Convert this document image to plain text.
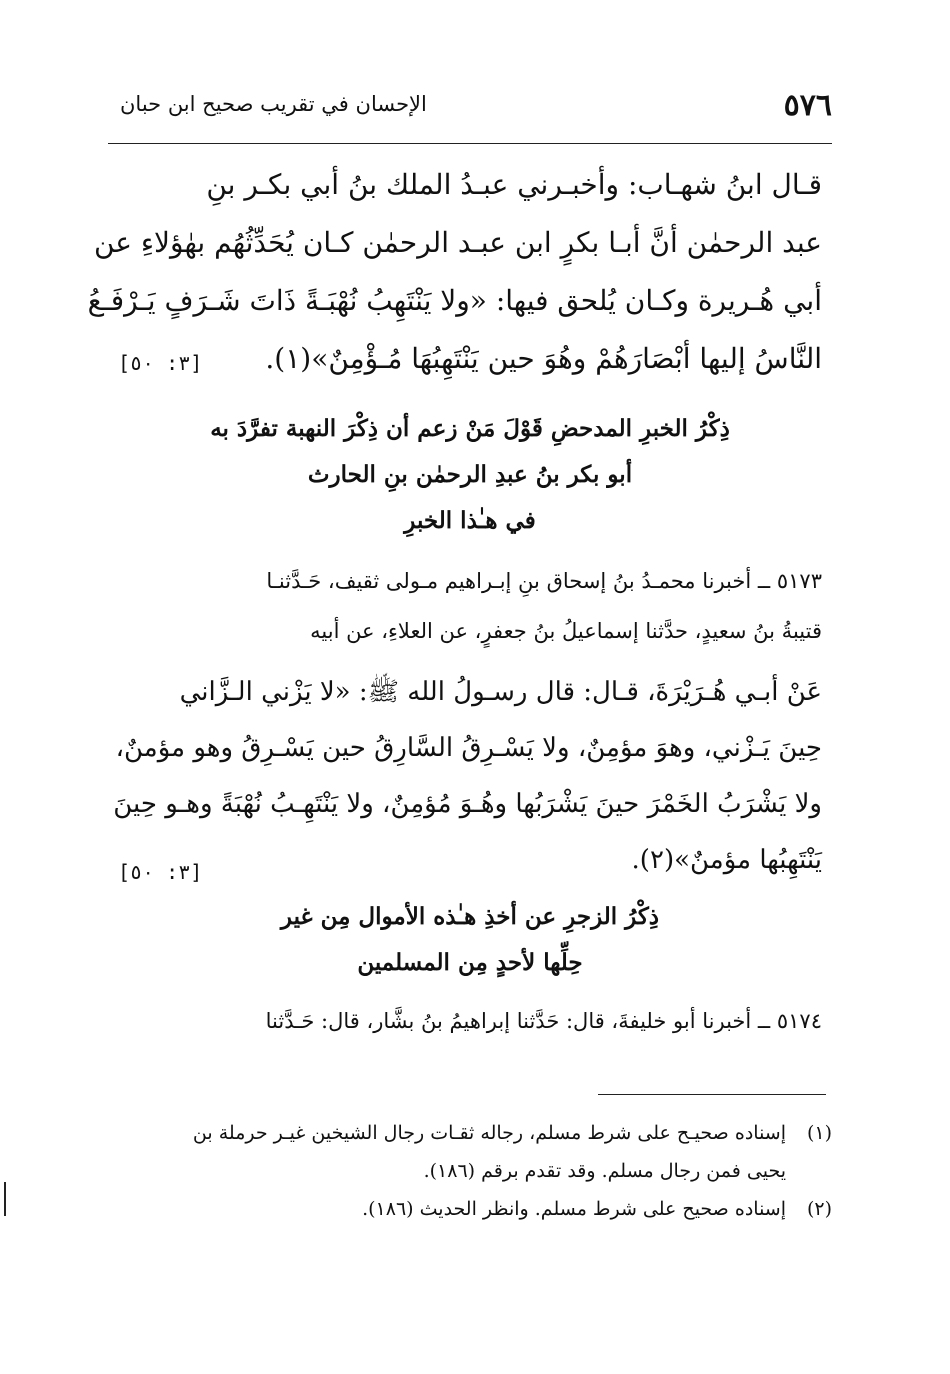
٥٧٦
الإحسان في تقريب صحيح ابن حبان
قـال ابنُ شهـاب: وأخبـرني عبـدُ الملك بنُ أبي بكـر بنِ
عبد الرحمٰن أنَّ أبـا بكرٍ ابن عبـد الرحمٰن كـان يُحَدِّثُهُم بهٰؤلاءِ عن
أبي هُـريرة وكـان يُلحق فيها: «ولا يَنْتَهِبُ نُهْبَـةً ذَاتَ شَـرَفٍ يَـرْفَـعُ
النَّاسُ إليها أبْصَارَهُمْ وهُوَ حين يَنْتَهِبُهَا مُـؤْمِنٌ»(١).
[٣: ٥٠]
ذِكْرُ الخبرِ المدحضِ قَوْلَ مَنْ زعم أن ذِكْرَ النهبة تفرَّدَ به
أبو بكر بنُ عبدِ الرحمٰن بنِ الحارث
في هـٰذا الخبرِ
٥١٧٣ ــ أخبرنا محمـدُ بنُ إسحاق بنِ إبـراهيم مـولى ثقيف، حَـدَّثنـا
قتيبةُ بنُ سعيدٍ، حدَّثنا إسماعيلُ بنُ جعفرٍ، عن العلاءِ، عن أبيه
عَنْ أبـي هُـرَيْرَةَ، قـال: قال رسـولُ الله ﷺ: «لا يَزْني الـزَّاني
حِينَ يَـزْني، وهوَ مؤمِنٌ، ولا يَسْـرِقُ السَّارِقُ حين يَسْـرِقُ وهو مؤمنٌ،
ولا يَشْرَبُ الخَمْرَ حينَ يَشْرَبُها وهُـوَ مُؤمِنٌ، ولا يَنْتَهِـبُ نُهْبَةً وهـو حِينَ
يَنْتَهِبُها مؤمنٌ»(٢).
[٣: ٥٠]
ذِكْرُ الزجرِ عن أخذِ هـٰذه الأموال مِن غير
حِلِّها لأحدٍ مِن المسلمين
٥١٧٤ ــ أخبرنا أبو خليفةَ، قال: حَدَّثنا إبراهيمُ بنُ بشَّار، قال: حَـدَّثنا
(١)إسناده صحيـح على شرط مسلم، رجاله ثقـات رجال الشيخين غيـر حرملة بن
يحيى فمن رجال مسلم. وقد تقدم برقم (١٨٦).
(٢)إسناده صحيح على شرط مسلم. وانظر الحديث (١٨٦).
